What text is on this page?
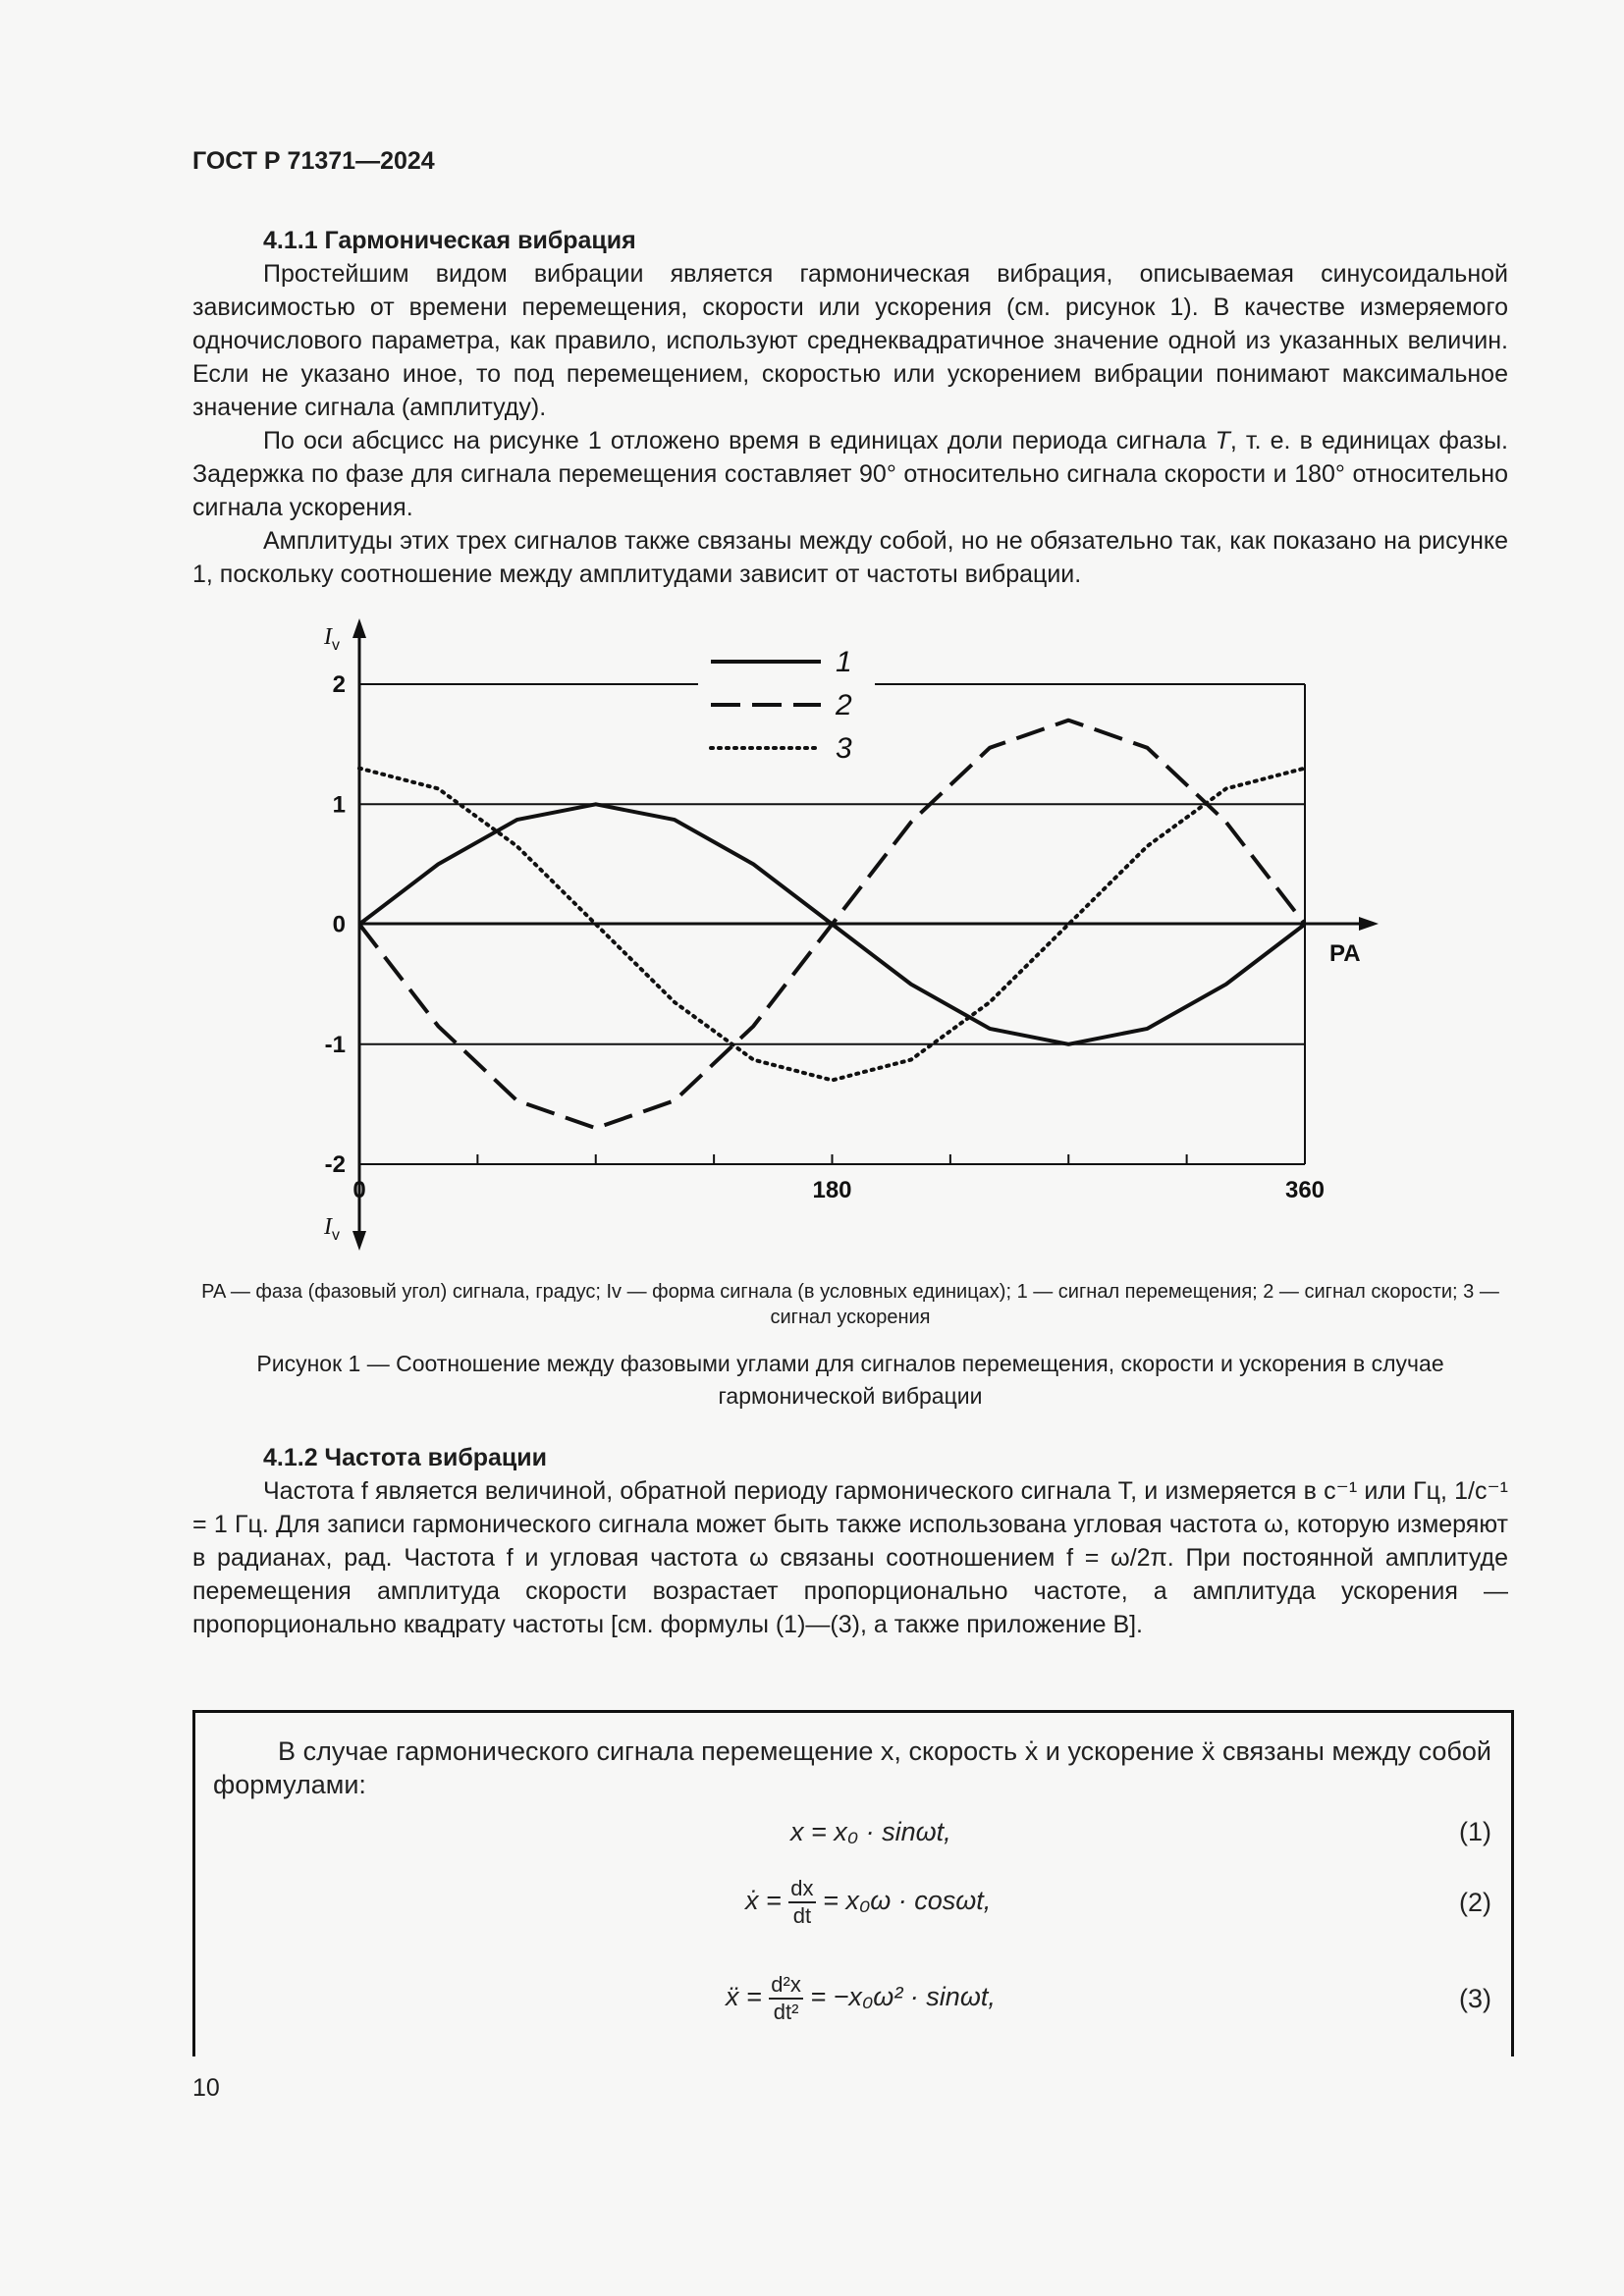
ГОСТ Р 71371—2024
4.1.1 Гармоническая вибрация

Простейшим видом вибрации является гармоническая вибрация, описываемая синусоидальной зависимостью от времени перемещения, скорости или ускорения (см. рисунок 1). В качестве измеряемого одночислового параметра, как правило, используют среднеквадратичное значение одной из указанных величин. Если не указано иное, то под перемещением, скоростью или ускорением вибрации понимают максимальное значение сигнала (амплитуду).

По оси абсцисс на рисунке 1 отложено время в единицах доли периода сигнала T, т. е. в единицах фазы. Задержка по фазе для сигнала перемещения составляет 90° относительно сигнала скорости и 180° относительно сигнала ускорения.

Амплитуды этих трех сигналов также связаны между собой, но не обязательно так, как показано на рисунке 1, поскольку соотношение между амплитудами зависит от частоты вибрации.

1
2
3
2
1
0
-1
-2
0	180	360
PA
$I_v$
$I_v$
PA — фаза (фазовый угол) сигнала, градус; Iv — форма сигнала (в условных единицах); 1 — сигнал перемещения; 2 — сигнал скорости; 3 — сигнал ускорения
Рисунок 1 — Соотношение между фазовыми углами для сигналов перемещения, скорости и ускорения в случае гармонической вибрации
4.1.2 Частота вибрации

Частота f является величиной, обратной периоду гармонического сигнала T, и измеряется в с⁻¹ или Гц, 1/с⁻¹ = 1 Гц. Для записи гармонического сигнала может быть также использована угловая частота ω, которую измеряют в радианах, рад. Частота f и угловая частота ω связаны соотношением f = ω/2π. При постоянной амплитуде перемещения амплитуда скорости возрастает пропорционально частоте, а амплитуда ускорения — пропорционально квадрату частоты [см. формулы (1)—(3), а также приложение В].

В случае гармонического сигнала перемещение x, скорость ẋ и ускорение ẍ связаны между собой формулами:
x = x₀ · sinωt,	(1)
ẋ = $\frac{dx}{dt} = x_0\omega \cdot \cos\omega t$,	(2)
ẍ = $\frac{\text{d²x}}{\text{dt²}} = -x_0\omega^2 \cdot \sin\omega t$,	(3)
10
